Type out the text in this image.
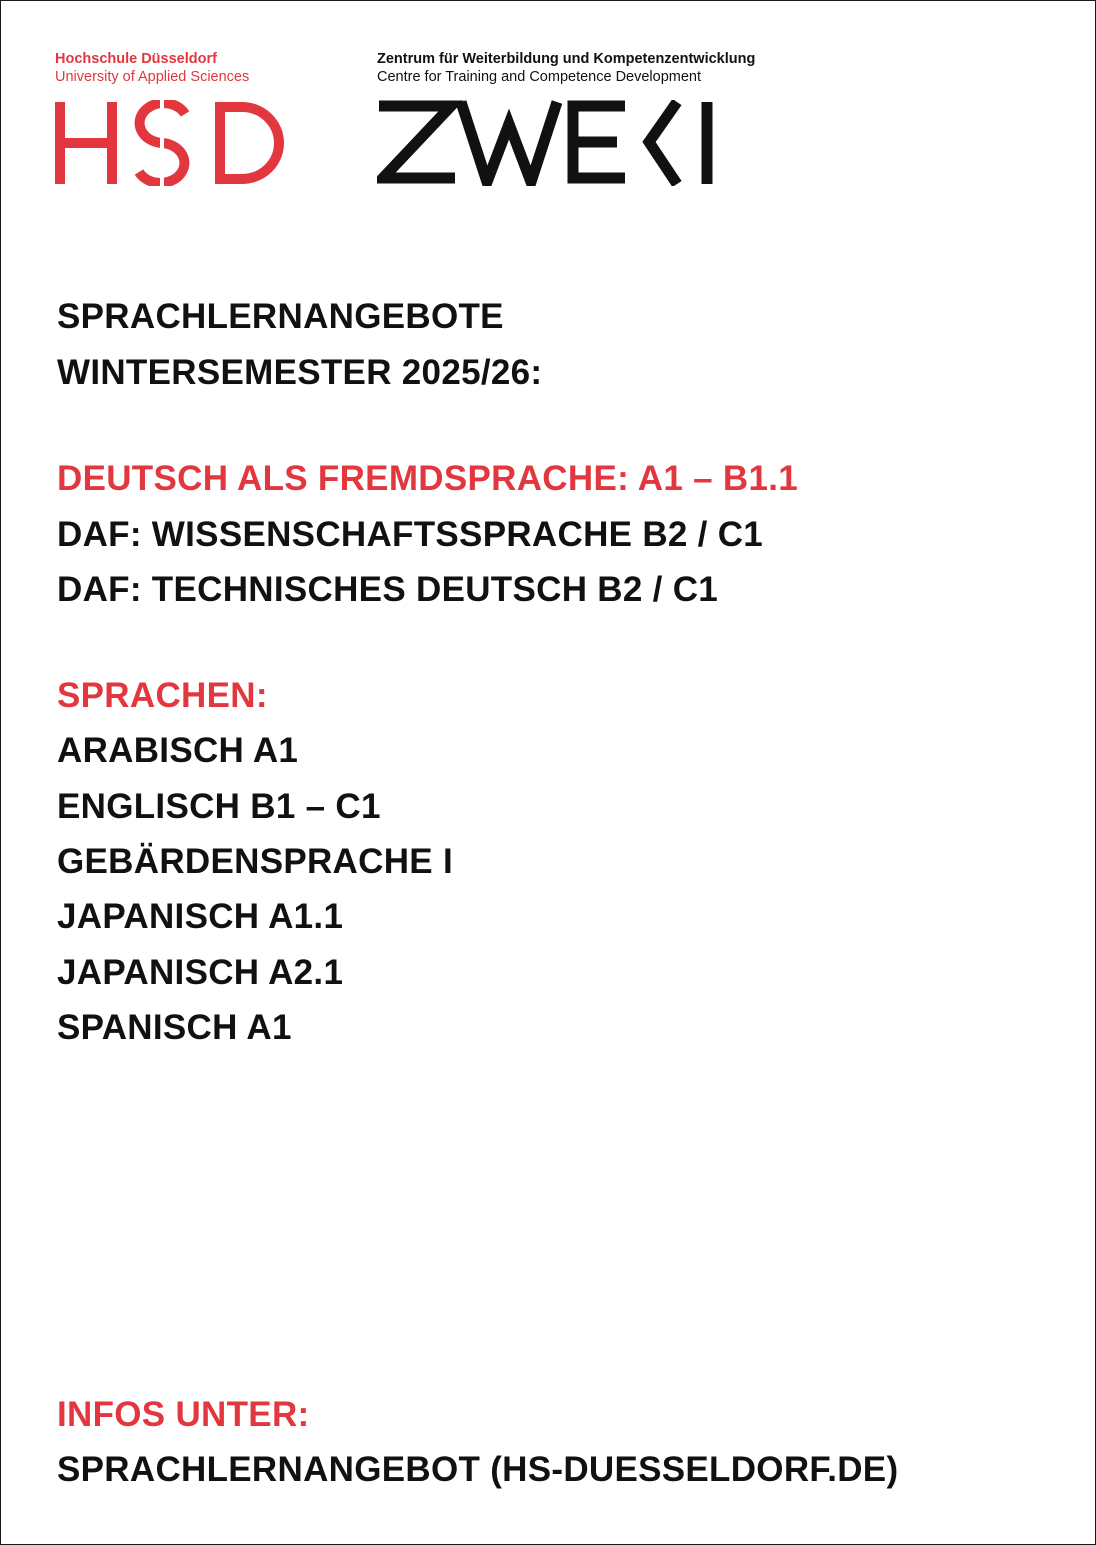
Hochschule Düsseldorf
University of Applied Sciences
Zentrum für Weiterbildung und Kompetenzentwicklung
Centre for Training and Competence Development
SPRACHLERNANGEBOTE
WINTERSEMESTER 2025/26:
DEUTSCH ALS FREMDSPRACHE: A1 – B1.1
DAF: WISSENSCHAFTSSPRACHE B2 / C1
DAF: TECHNISCHES DEUTSCH B2 / C1
SPRACHEN:
ARABISCH A1
ENGLISCH B1 – C1
GEBÄRDENSPRACHE I
JAPANISCH A1.1
JAPANISCH A2.1
SPANISCH A1
INFOS UNTER:
SPRACHLERNANGEBOT (HS-DUESSELDORF.DE)
